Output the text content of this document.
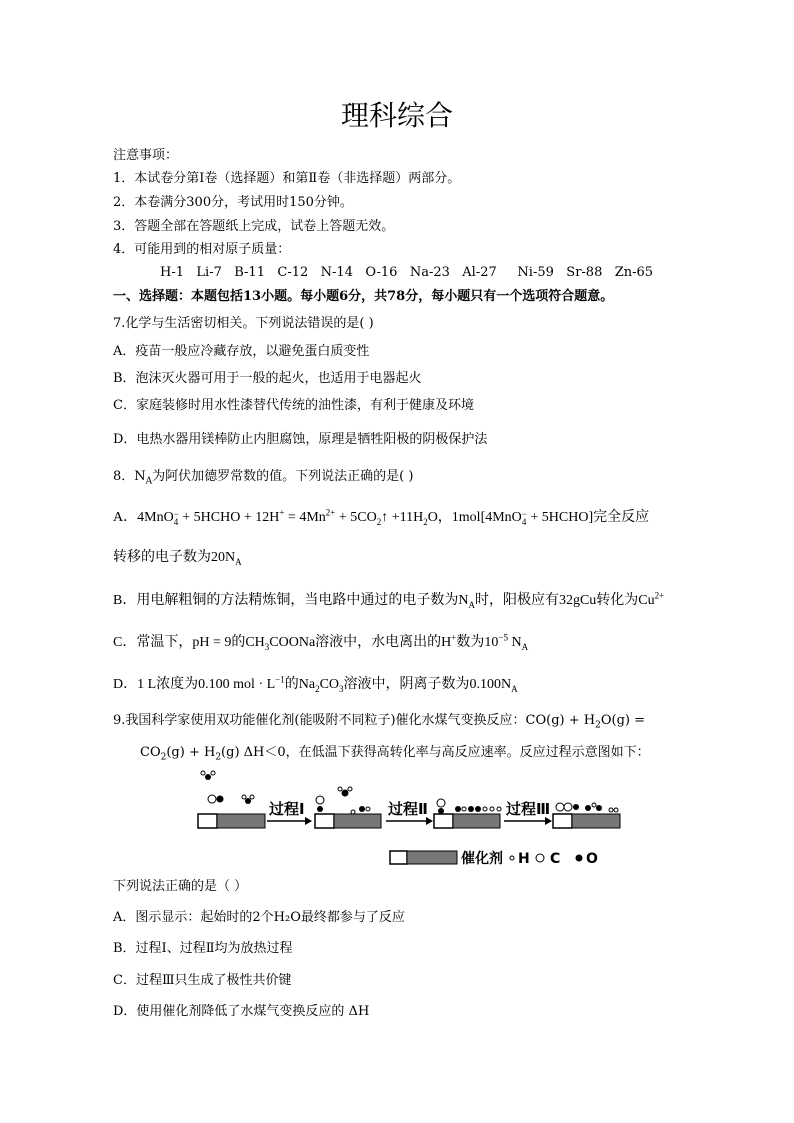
理科综合
注意事项：
1．本试卷分第Ⅰ卷（选择题）和第Ⅱ卷（非选择题）两部分。
2．本卷满分300分，考试用时150分钟。
3．答题全部在答题纸上完成，试卷上答题无效。
4．可能用到的相对原子质量：
H-1   Li-7   B-11   C-12   N-14   O-16   Na-23   Al-27     Ni-59   Sr-88   Zn-65
一、选择题：本题包括13小题。每小题6分，共78分，每小题只有一个选项符合题意。
7.化学与生活密切相关。下列说法错误的是( )
A．疫苗一般应冷藏存放，以避免蛋白质变性
B．泡沫灭火器可用于一般的起火，也适用于电器起火
C．家庭装修时用水性漆替代传统的油性漆，有利于健康及环境
D．电热水器用镁棒防止内胆腐蚀，原理是牺牲阳极的阴极保护法
8．$N_A$为阿伏加德罗常数的值。下列说法正确的是( )
A．4MnO −
4 + 5HCHO + $12H^+ = 4Mn^{2+}$ + $5CO_2↑ +11H_2O$，1mol[4MnO −
4 + 5HCHO]完全反应
转移的电子数为$20N_A$
B．用电解粗铜的方法精炼铜，当电路中通过的电子数为$N_A$时，阳极应有32gCu转化为$Cu^{2+}$
C．常温下，pH = 9的$CH_3COONa$溶液中，水电离出的H+数为$10^{-5}$ $N_A$
D．1 L浓度为0.100 mol · $L^{-1}$的$Na_2CO_3$溶液中，阴离子数为$0.100N_A$
9.我国科学家使用双功能催化剂(能吸附不同粒子)催化水煤气变换反应：$CO(g) + H_2O(g)$ =
$CO_2(g) + H_2(g)$ ΔH＜0，在低温下获得高转化率与高反应速率。反应过程示意图如下：
过程Ⅰ	过程Ⅱ	过程Ⅲ
催化剂 H C O
下列说法正确的是（ ）
A．图示显示：起始时的2个H₂O最终都参与了反应
B．过程Ⅰ、过程Ⅱ均为放热过程
C．过程Ⅲ只生成了极性共价键
D．使用催化剂降低了水煤气变换反应的 ΔH
